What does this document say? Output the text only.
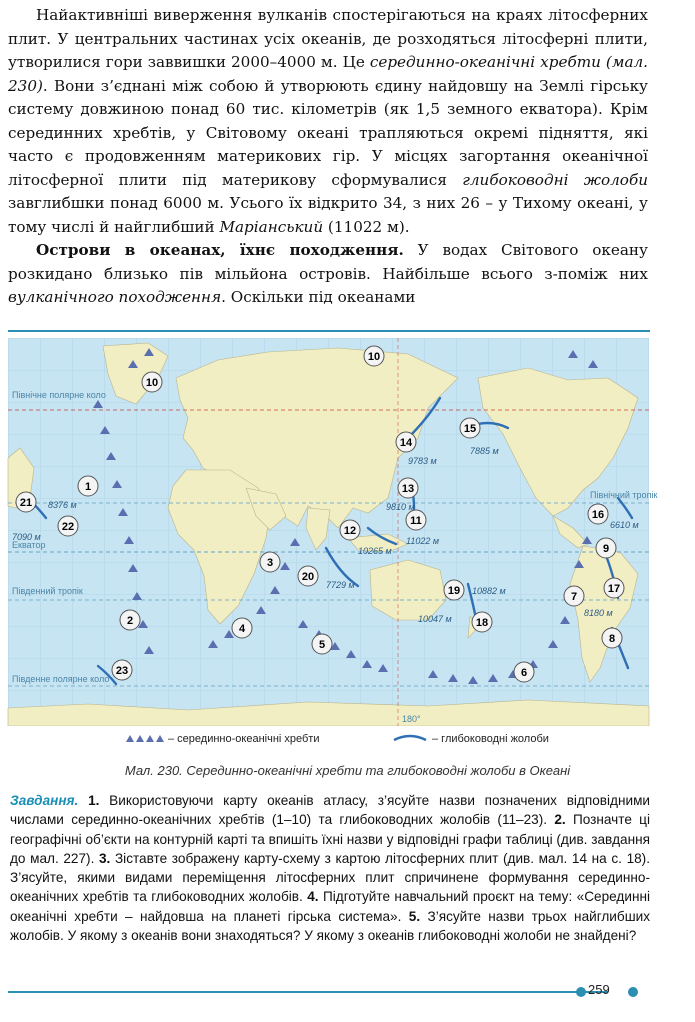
Найактивніші виверження вулканів спостерігаються на краях літосферних плит. У центральних частинах усіх океанів, де розходяться літосферні плити, утворилися гори заввишки 2000–4000 м. Це серединно-океанічні хребти (мал. 230). Вони з’єднані між собою й утворюють єдину найдовшу на Землі гірську систему довжиною понад 60 тис. кілометрів (як 1,5 земного екватора). Крім серединних хребтів, у Світовому океані трапляються окремі підняття, які часто є продовженням материкових гір. У місцях загортання океанічної літосферної плити під материкову сформувалися глибоководні жолоби завглибшки понад 6000 м. Усього їх відкрито 34, з них 26 – у Тихому океані, у тому числі й найглибший Маріанський (11022 м).
Острови в океанах, їхнє походження. У водах Світового океану розкидано близько пів мільйона островів. Найбільше всього з-поміж них вулканічного походження. Оскільки під океанами
Північне полярне коло
Північний тропік
Екватор
Південний тропік
Південне полярне коло
180°
1
2
3
4
5
6
7
8
9
10
10
11
12
13
14
15
16
17
18
19
20
21
22
23
8376 м
7090 м
9783 м
7885 м
9810 м
11022 м
10265 м
7729 м
10882 м
10047 м
6610 м
8180 м
– серединно-океанічні хребти	– глибоководні жолоби
Мал. 230. Серединно-океанічні хребти та глибоководні жолоби в Океані
Завдання. 1. Використовуючи карту океанів атласу, з’ясуйте назви позначених відповідними числами серединно-океанічних хребтів (1–10) та глибоководних жолобів (11–23). 2. Позначте ці географічні об’єкти на контурній карті та впишіть їхні назви у відповідні графи таблиці (див. завдання до мал. 227). 3. Зіставте зображену карту-схему з картою літосферних плит (див. мал. 14 на с. 18). З’ясуйте, якими видами переміщення літосферних плит спричинене формування серединно-океанічних хребтів та глибоководних жолобів. 4. Підготуйте навчальний проєкт на тему: «Серединні океанічні хребти – найдовша на планеті гірська система». 5. З’ясуйте назви трьох найглибших жолобів. У якому з океанів вони знаходяться? У якому з океанів глибоководні жолоби не знайдені?
259
